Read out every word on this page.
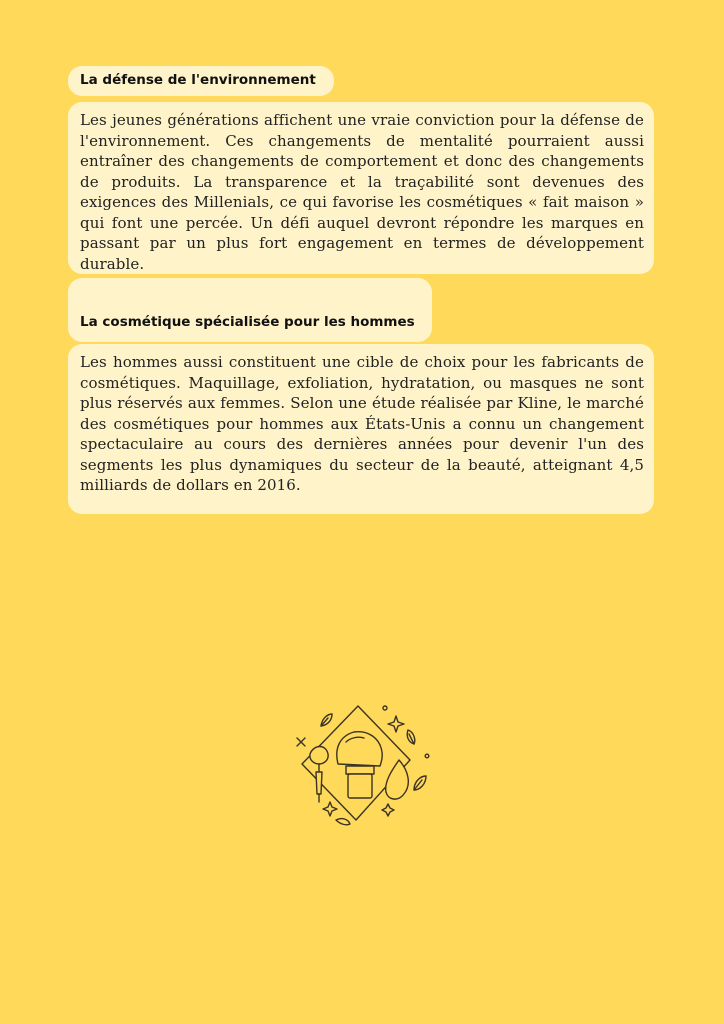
La défense de l'environnement

Les jeunes générations affichent une vraie conviction pour la défense de l'environnement. Ces changements de mentalité pourraient aussi entraîner des changements de comportement et donc des changements de produits. La transparence et la traçabilité sont devenues des exigences des Millenials, ce qui favorise les cosmétiques « fait maison » qui font une percée. Un défi auquel devront répondre les marques en passant par un plus fort engagement en termes de développement durable.

La cosmétique spécialisée pour les hommes

Les hommes aussi constituent une cible de choix pour les fabricants de cosmétiques. Maquillage, exfoliation, hydratation, ou masques ne sont plus réservés aux femmes. Selon une étude réalisée par Kline, le marché des cosmétiques pour hommes aux États-Unis a connu un changement spectaculaire au cours des dernières années pour devenir l'un des segments les plus dynamiques du secteur de la beauté, atteignant 4,5 milliards de dollars en 2016.
